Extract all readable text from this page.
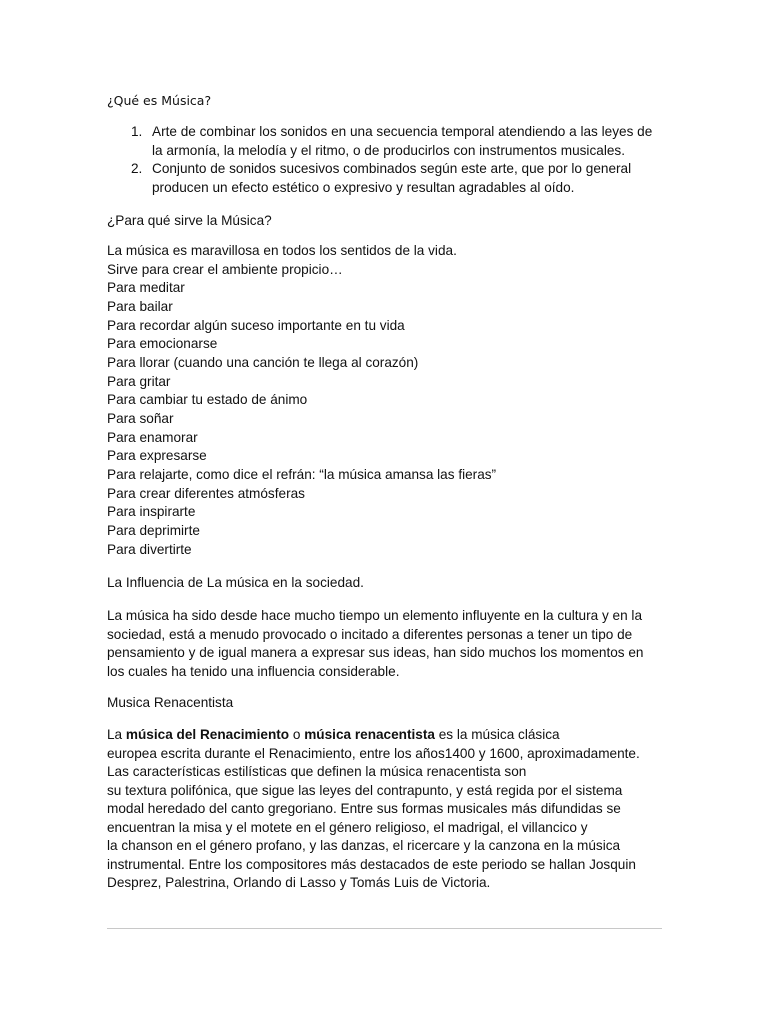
¿Qué es Música?
1. Arte de combinar los sonidos en una secuencia temporal atendiendo a las leyes de
la armonía, la melodía y el ritmo, o de producirlos con instrumentos musicales.
2. Conjunto de sonidos sucesivos combinados según este arte, que por lo general
producen un efecto estético o expresivo y resultan agradables al oído.
¿Para qué sirve la Música?
La música es maravillosa en todos los sentidos de la vida.
Sirve para crear el ambiente propicio…
Para meditar
Para bailar
Para recordar algún suceso importante en tu vida
Para emocionarse
Para llorar (cuando una canción te llega al corazón)
Para gritar
Para cambiar tu estado de ánimo
Para soñar
Para enamorar
Para expresarse
Para relajarte, como dice el refrán: “la música amansa las fieras”
Para crear diferentes atmósferas
Para inspirarte
Para deprimirte
Para divertirte
La Influencia de La música en la sociedad.

La música ha sido desde hace mucho tiempo un elemento influyente en la cultura y en la
sociedad, está a menudo provocado o incitado a diferentes personas a tener un tipo de
pensamiento y de igual manera a expresar sus ideas, han sido muchos los momentos en
los cuales ha tenido una influencia considerable.

Musica Renacentista

La música del Renacimiento o música renacentista es la música clásica
europea escrita durante el Renacimiento, entre los años1400 y 1600, aproximadamente.
Las características estilísticas que definen la música renacentista son
su textura polifónica, que sigue las leyes del contrapunto, y está regida por el sistema
modal heredado del canto gregoriano. Entre sus formas musicales más difundidas se
encuentran la misa y el motete en el género religioso, el madrigal, el villancico y
la chanson en el género profano, y las danzas, el ricercare y la canzona en la música
instrumental. Entre los compositores más destacados de este periodo se hallan Josquin
Desprez, Palestrina, Orlando di Lasso y Tomás Luis de Victoria.
